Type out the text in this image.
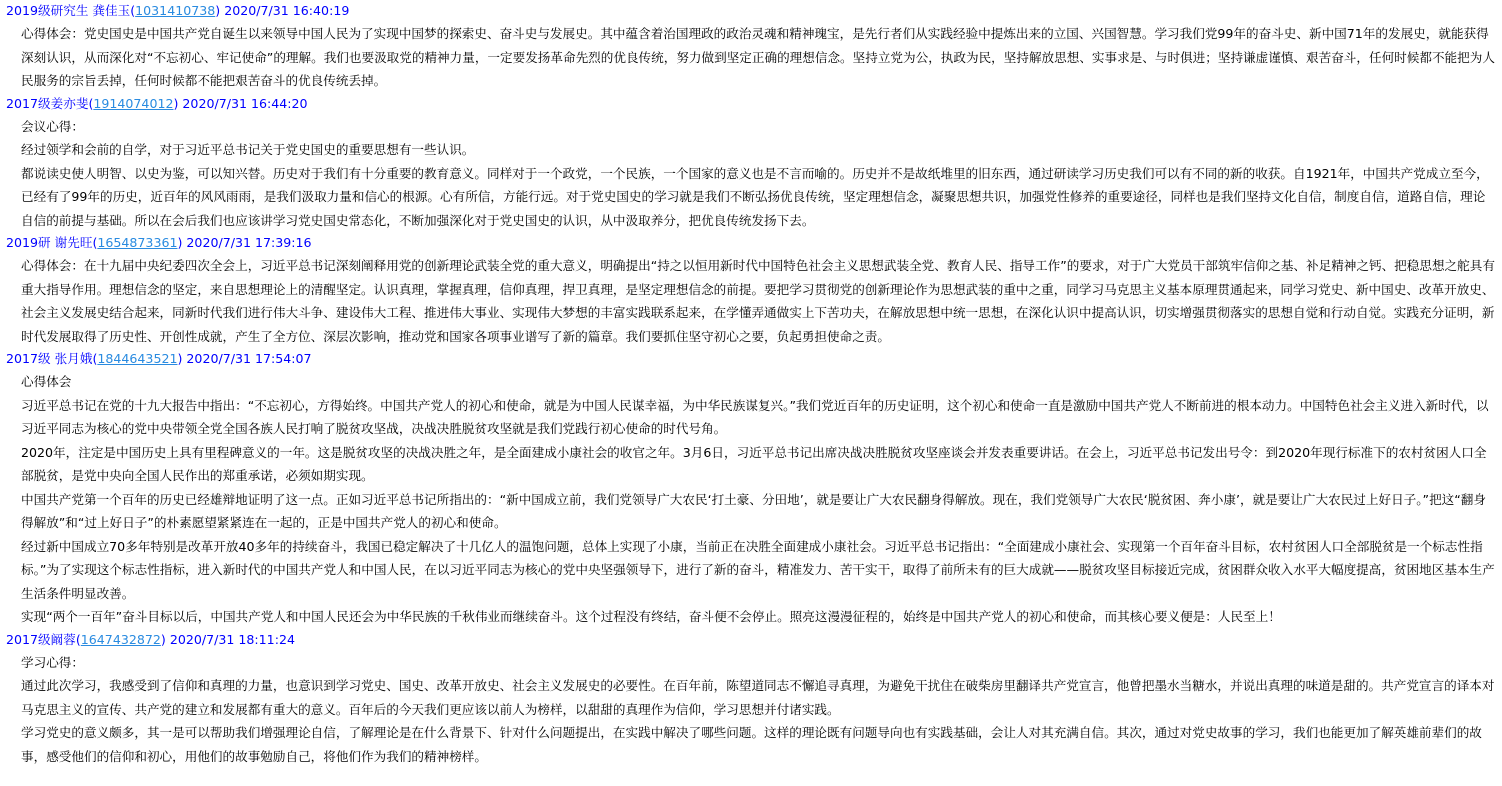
2019级研究生 龚佳玉(1031410738) 2020/7/31 16:40:19
心得体会：党史国史是中国共产党自诞生以来领导中国人民为了实现中国梦的探索史、奋斗史与发展史。其中蕴含着治国理政的政治灵魂和精神瑰宝，是先行者们从实践经验中提炼出来的立国、兴国智慧。学习我们党99年的奋斗史、新中国71年的发展史，就能获得深刻认识，从而深化对“不忘初心、牢记使命”的理解。我们也要汲取党的精神力量，一定要发扬革命先烈的优良传统，努力做到坚定正确的理想信念。坚持立党为公，执政为民，坚持解放思想、实事求是、与时俱进；坚持谦虚谨慎、艰苦奋斗，任何时候都不能把为人民服务的宗旨丢掉，任何时候都不能把艰苦奋斗的优良传统丢掉。
2017级姜亦斐(1914074012) 2020/7/31 16:44:20
会议心得：
经过领学和会前的自学，对于习近平总书记关于党史国史的重要思想有一些认识。
都说读史使人明智、以史为鉴，可以知兴替。历史对于我们有十分重要的教育意义。同样对于一个政党，一个民族，一个国家的意义也是不言而喻的。历史并不是故纸堆里的旧东西，通过研读学习历史我们可以有不同的新的收获。自1921年，中国共产党成立至今，已经有了99年的历史，近百年的风风雨雨，是我们汲取力量和信心的根源。心有所信，方能行远。对于党史国史的学习就是我们不断弘扬优良传统，坚定理想信念，凝聚思想共识，加强党性修养的重要途径，同样也是我们坚持文化自信，制度自信，道路自信，理论自信的前提与基础。所以在会后我们也应该讲学习党史国史常态化，不断加强深化对于党史国史的认识，从中汲取养分，把优良传统发扬下去。
2019研 谢先旺(1654873361) 2020/7/31 17:39:16
心得体会：在十九届中央纪委四次全会上，习近平总书记深刻阐释用党的创新理论武装全党的重大意义，明确提出“持之以恒用新时代中国特色社会主义思想武装全党、教育人民、指导工作”的要求，对于广大党员干部筑牢信仰之基、补足精神之钙、把稳思想之舵具有重大指导作用。理想信念的坚定，来自思想理论上的清醒坚定。认识真理，掌握真理，信仰真理，捍卫真理，是坚定理想信念的前提。要把学习贯彻党的创新理论作为思想武装的重中之重，同学习马克思主义基本原理贯通起来，同学习党史、新中国史、改革开放史、社会主义发展史结合起来，同新时代我们进行伟大斗争、建设伟大工程、推进伟大事业、实现伟大梦想的丰富实践联系起来，在学懂弄通做实上下苦功夫，在解放思想中统一思想，在深化认识中提高认识，切实增强贯彻落实的思想自觉和行动自觉。实践充分证明，新时代发展取得了历史性、开创性成就，产生了全方位、深层次影响，推动党和国家各项事业谱写了新的篇章。我们要抓住坚守初心之要，负起勇担使命之责。
2017级 张月娥(1844643521) 2020/7/31 17:54:07
心得体会
习近平总书记在党的十九大报告中指出：“不忘初心，方得始终。中国共产党人的初心和使命，就是为中国人民谋幸福，为中华民族谋复兴。”我们党近百年的历史证明，这个初心和使命一直是激励中国共产党人不断前进的根本动力。中国特色社会主义进入新时代，以习近平同志为核心的党中央带领全党全国各族人民打响了脱贫攻坚战，决战决胜脱贫攻坚就是我们党践行初心使命的时代号角。
2020年，注定是中国历史上具有里程碑意义的一年。这是脱贫攻坚的决战决胜之年，是全面建成小康社会的收官之年。3月6日，习近平总书记出席决战决胜脱贫攻坚座谈会并发表重要讲话。在会上，习近平总书记发出号令：到2020年现行标准下的农村贫困人口全部脱贫，是党中央向全国人民作出的郑重承诺，必须如期实现。
中国共产党第一个百年的历史已经雄辩地证明了这一点。正如习近平总书记所指出的：“新中国成立前，我们党领导广大农民‘打土豪、分田地’，就是要让广大农民翻身得解放。现在，我们党领导广大农民‘脱贫困、奔小康’，就是要让广大农民过上好日子。”把这“翻身得解放”和“过上好日子”的朴素愿望紧紧连在一起的，正是中国共产党人的初心和使命。
经过新中国成立70多年特别是改革开放40多年的持续奋斗，我国已稳定解决了十几亿人的温饱问题，总体上实现了小康，当前正在决胜全面建成小康社会。习近平总书记指出：“全面建成小康社会、实现第一个百年奋斗目标，农村贫困人口全部脱贫是一个标志性指标。”为了实现这个标志性指标，进入新时代的中国共产党人和中国人民，在以习近平同志为核心的党中央坚强领导下，进行了新的奋斗，精准发力、苦干实干，取得了前所未有的巨大成就——脱贫攻坚目标接近完成，贫困群众收入水平大幅度提高，贫困地区基本生产生活条件明显改善。
实现“两个一百年”奋斗目标以后，中国共产党人和中国人民还会为中华民族的千秋伟业而继续奋斗。这个过程没有终结，奋斗便不会停止。照亮这漫漫征程的，始终是中国共产党人的初心和使命，而其核心要义便是：人民至上！
2017级阚蓉(1647432872) 2020/7/31 18:11:24
学习心得：
通过此次学习，我感受到了信仰和真理的力量，也意识到学习党史、国史、改革开放史、社会主义发展史的必要性。在百年前，陈望道同志不懈追寻真理，为避免干扰住在破柴房里翻译共产党宣言，他曾把墨水当糖水，并说出真理的味道是甜的。共产党宣言的译本对马克思主义的宣传、共产党的建立和发展都有重大的意义。百年后的今天我们更应该以前人为榜样，以甜甜的真理作为信仰，学习思想并付诸实践。
学习党史的意义颇多，其一是可以帮助我们增强理论自信，了解理论是在什么背景下、针对什么问题提出，在实践中解决了哪些问题。这样的理论既有问题导向也有实践基础，会让人对其充满自信。其次，通过对党史故事的学习，我们也能更加了解英雄前辈们的故事，感受他们的信仰和初心，用他们的故事勉励自己，将他们作为我们的精神榜样。
